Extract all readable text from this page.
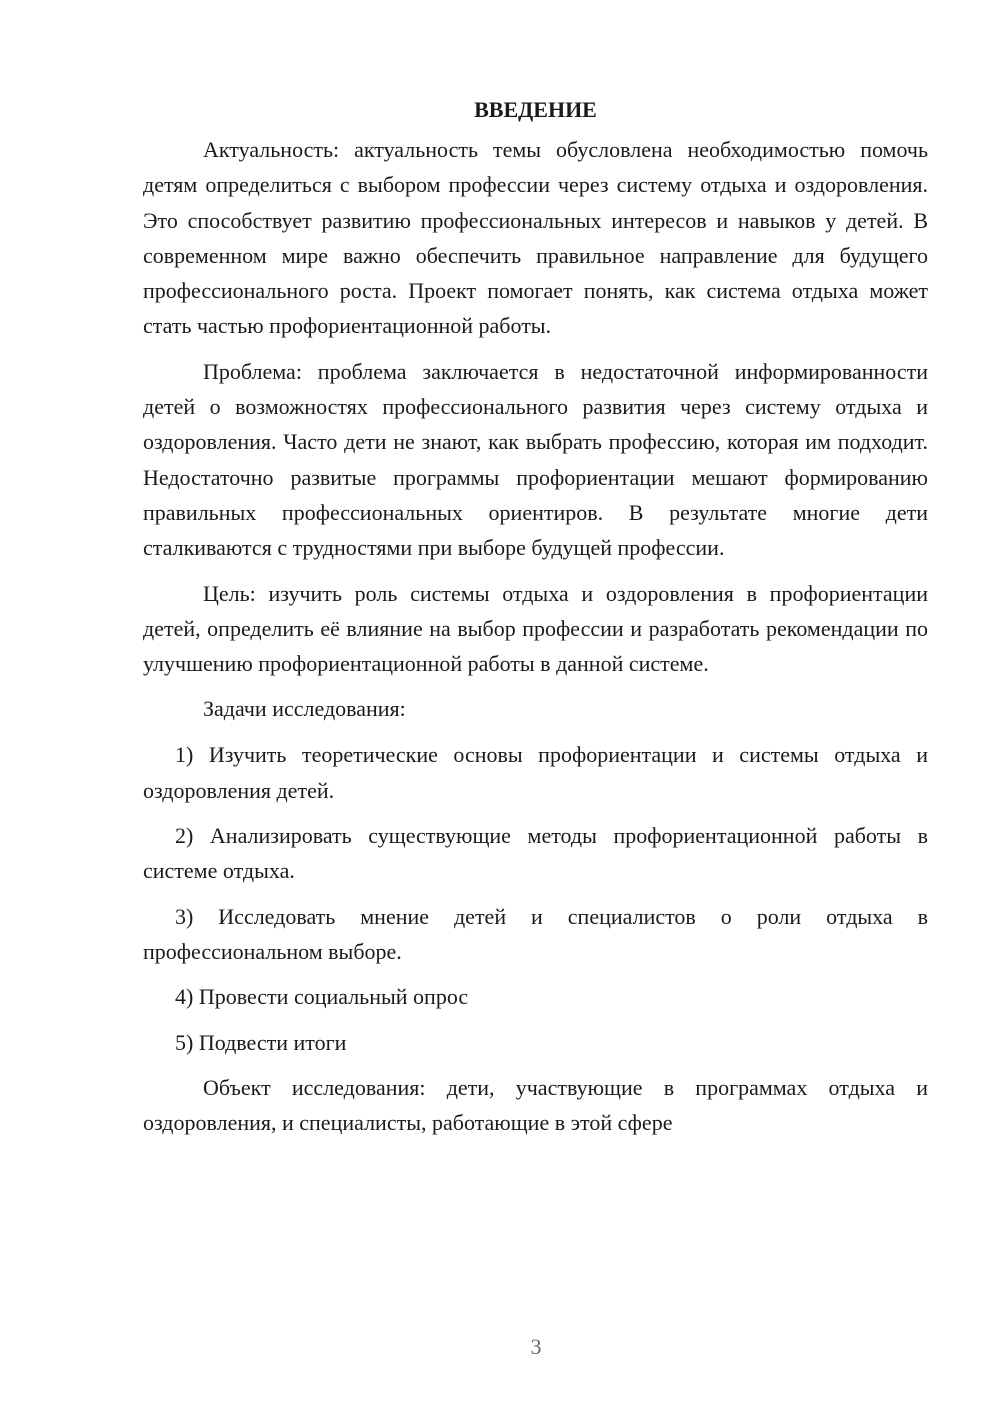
ВВЕДЕНИЕ

Актуальность: актуальность темы обусловлена необходимостью помочь детям определиться с выбором профессии через систему отдыха и оздоровления. Это способствует развитию профессиональных интересов и навыков у детей. В современном мире важно обеспечить правильное направление для будущего профессионального роста. Проект помогает понять, как система отдыха может стать частью профориентационной работы.

Проблема: проблема заключается в недостаточной информированности детей о возможностях профессионального развития через систему отдыха и оздоровления. Часто дети не знают, как выбрать профессию, которая им подходит. Недостаточно развитые программы профориентации мешают формированию правильных профессиональных ориентиров. В результате многие дети сталкиваются с трудностями при выборе будущей профессии.

Цель: изучить роль системы отдыха и оздоровления в профориентации детей, определить её влияние на выбор профессии и разработать рекомендации по улучшению профориентационной работы в данной системе.

Задачи исследования:

1) Изучить теоретические основы профориентации и системы отдыха и оздоровления детей.

2) Анализировать существующие методы профориентационной работы в системе отдыха.

3) Исследовать мнение детей и специалистов о роли отдыха в профессиональном выборе.

4) Провести социальный опрос

5) Подвести итоги

Объект исследования: дети, участвующие в программах отдыха и оздоровления, и специалисты, работающие в этой сфере

3
